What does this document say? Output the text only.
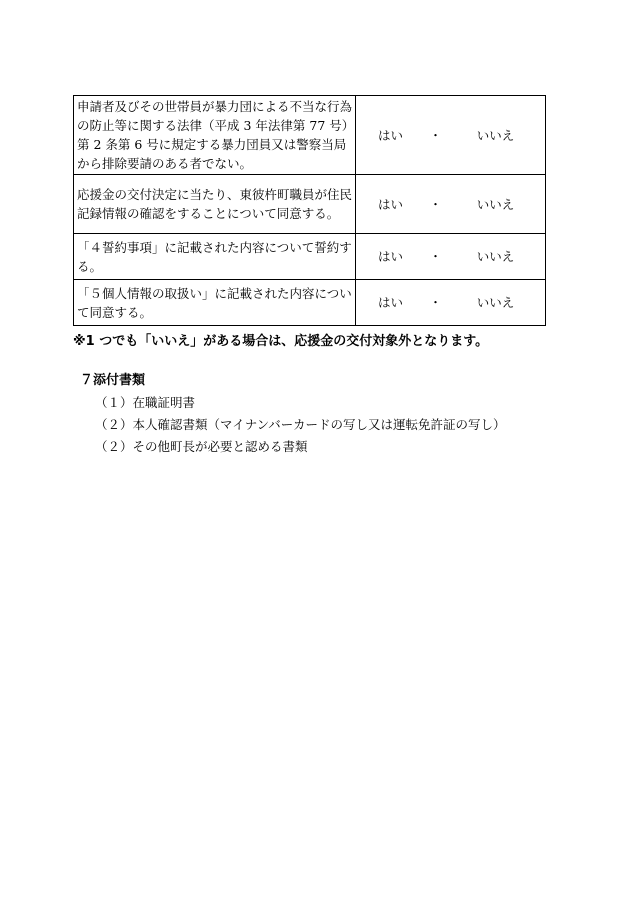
申請者及びその世帯員が暴力団による不当な行為の防止等に関する法律（平成 3 年法律第 77 号）第 2 条第 6 号に規定する暴力団員又は警察当局から排除要請のある者でない。	はい ・ いいえ
応援金の交付決定に当たり、東彼杵町職員が住民記録情報の確認をすることについて同意する。	はい ・ いいえ
「４誓約事項」に記載された内容について誓約する。	はい ・ いいえ
「５個人情報の取扱い」に記載された内容について同意する。	はい ・ いいえ
※1 つでも「いいえ」がある場合は、応援金の交付対象外となります。
７添付書類
（１）在職証明書
（２）本人確認書類（マイナンバーカードの写し又は運転免許証の写し）
（２）その他町長が必要と認める書類
